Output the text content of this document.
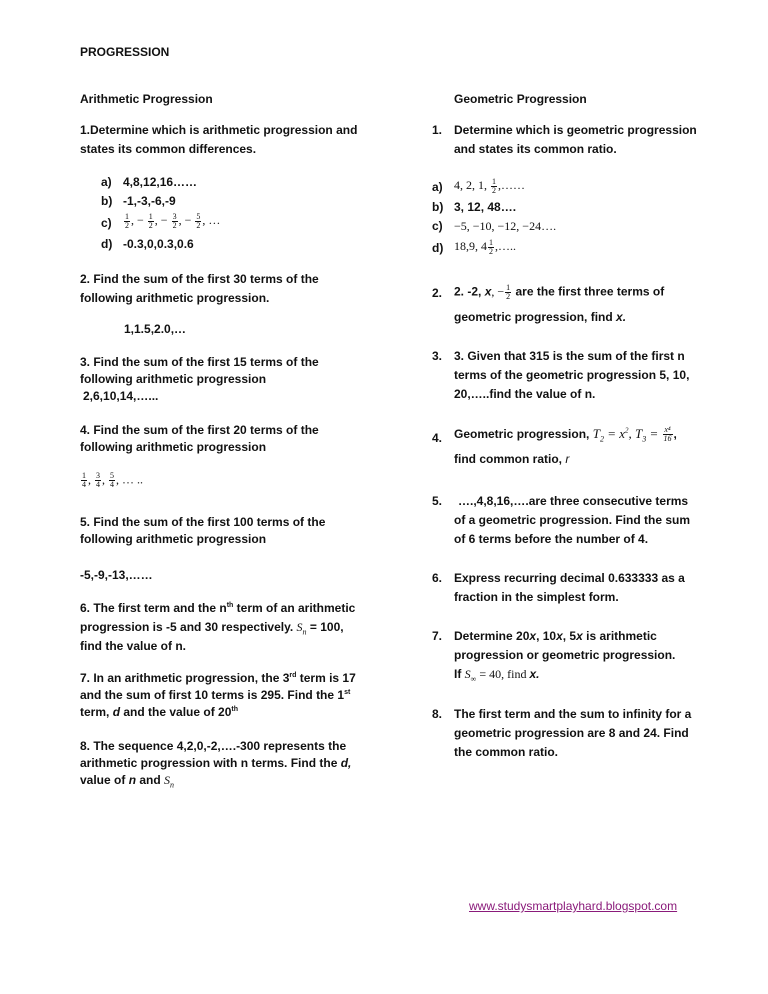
PROGRESSION
Arithmetic Progression
1.Determine which is arithmetic progression and
states its common differences.
a) 4,8,12,16……
b) -1,-3,-6,-9
$c) \frac{1}{2}$ , − $\frac{1}{2}$ , − $\frac{3}{2}$ , − $\frac{5}{2}$ , …
d) -0.3,0,0.3,0.6
2. Find the sum of the first 30 terms of the
following arithmetic progression.
1,1.5,2.0,…
3. Find the sum of the first 15 terms of the
following arithmetic progression
2,6,10,14,…...
4. Find the sum of the first 20 terms of the
following arithmetic progression
$\frac{1}{4}$ , $\frac{3}{4}$ , $\frac{5}{4}$ , … ..
5. Find the sum of the first 100 terms of the
following arithmetic progression
-5,-9,-13,……
6. The first term and the $n^{th}$ term of an arithmetic
progression is -5 and 30 respectively. $S_n = 100$,
find the value of n.
7. In an arithmetic progression, the 3rd term is 17
and the sum of first 10 terms is 295. Find the 1st
term, d and the value of 20th
8. The sequence 4,2,0,-2,….-300 represents the
arithmetic progression with n terms. Find the d,
value of n and $S_n$
Geometric Progression
1. Determine which is geometric progression
and states its common ratio.
a) 4, 2, 1, $\frac{1}{2}$ ,……
b) 3, 12, 48….
c) −5, −10, −12, −24….
d) 18,9, $4 \frac{1}{2}$ ,…..
2. 2. -2, x, − $\frac{1}{2}$ are the first three terms of
geometric progression, find x.
3. 3. Given that 315 is the sum of the first n
terms of the geometric progression 5, 10,
20,…..find the value of n.
4. Geometric progression, $T_2 = x^2$, $T_3 = \frac{\text{x⁴}}{16}$ ,
find common ratio, r
5.	….,4,8,16,….are three consecutive terms
of a geometric progression. Find the sum
of 6 terms before the number of 4.
6. Express recurring decimal 0.633333 as a
fraction in the simplest form.
7. Determine 20x, 10x, 5x is arithmetic
progression or geometric progression.
If $S_\infty = 40$, find x.
8. The first term and the sum to infinity for a
geometric progression are 8 and 24. Find
the common ratio.
www.studysmartplayhard.blogspot.com
